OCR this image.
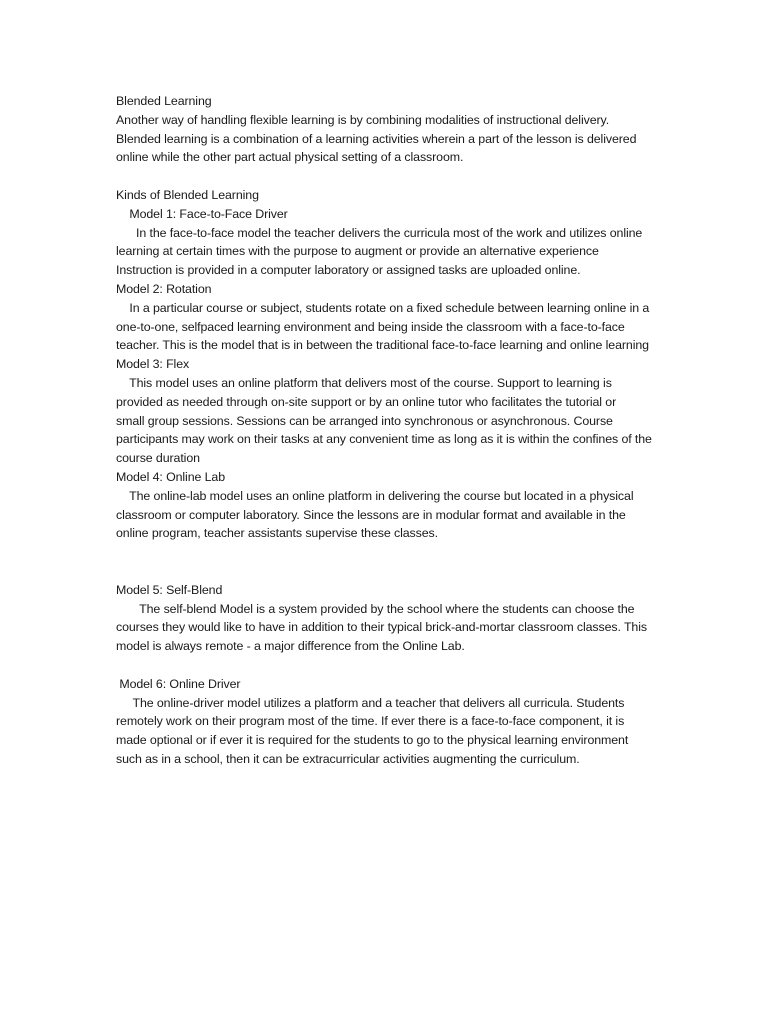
Blended Learning
Another way of handling flexible learning is by combining modalities of instructional delivery.
Blended learning is a combination of a learning activities wherein a part of the lesson is delivered
online while the other part actual physical setting of a classroom.
Kinds of Blended Learning
Model 1: Face-to-Face Driver
In the face-to-face model the teacher delivers the curricula most of the work and utilizes online
learning at certain times with the purpose to augment or provide an alternative experience
Instruction is provided in a computer laboratory or assigned tasks are uploaded online.
Model 2: Rotation
In a particular course or subject, students rotate on a fixed schedule between learning online in a
one-to-one, selfpaced learning environment and being inside the classroom with a face-to-face
teacher. This is the model that is in between the traditional face-to-face learning and online learning
Model 3: Flex
This model uses an online platform that delivers most of the course. Support to learning is
provided as needed through on-site support or by an online tutor who facilitates the tutorial or
small group sessions. Sessions can be arranged into synchronous or asynchronous. Course
participants may work on their tasks at any convenient time as long as it is within the confines of the
course duration
Model 4: Online Lab
The online-lab model uses an online platform in delivering the course but located in a physical
classroom or computer laboratory. Since the lessons are in modular format and available in the
online program, teacher assistants supervise these classes.
Model 5: Self-Blend
The self-blend Model is a system provided by the school where the students can choose the
courses they would like to have in addition to their typical brick-and-mortar classroom classes. This
model is always remote - a major difference from the Online Lab.
Model 6: Online Driver
The online-driver model utilizes a platform and a teacher that delivers all curricula. Students
remotely work on their program most of the time. If ever there is a face-to-face component, it is
made optional or if ever it is required for the students to go to the physical learning environment
such as in a school, then it can be extracurricular activities augmenting the curriculum.
